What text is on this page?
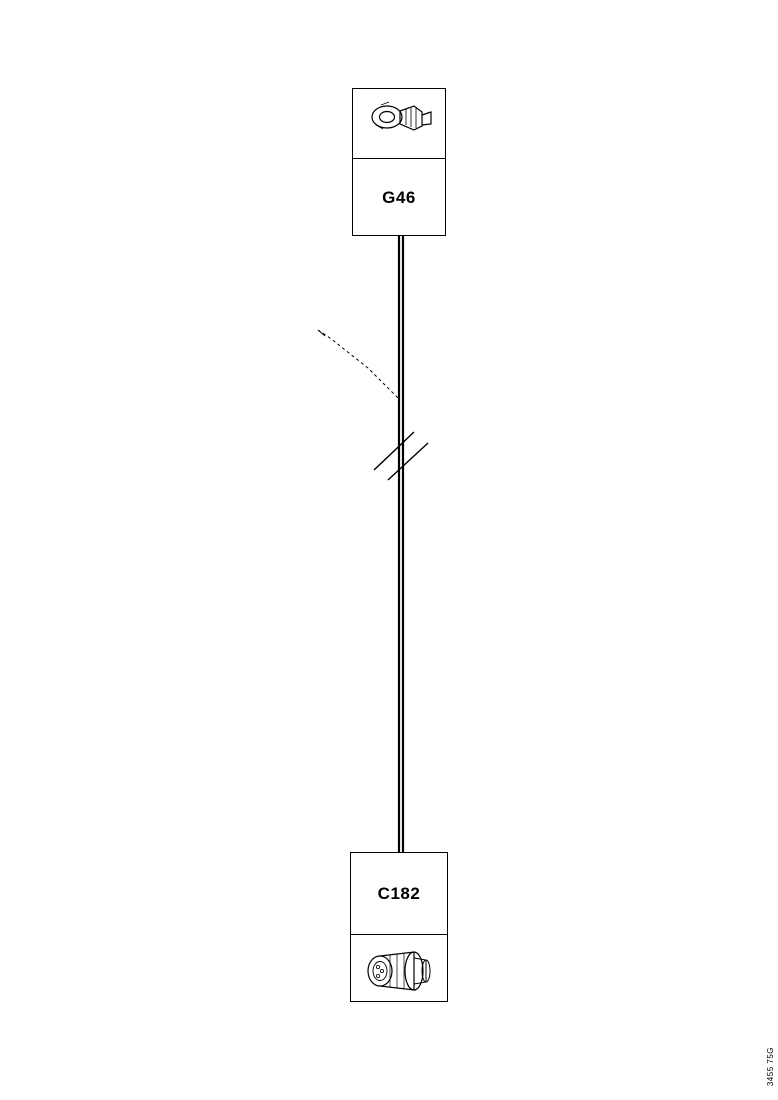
G46
C182
3455 75G
